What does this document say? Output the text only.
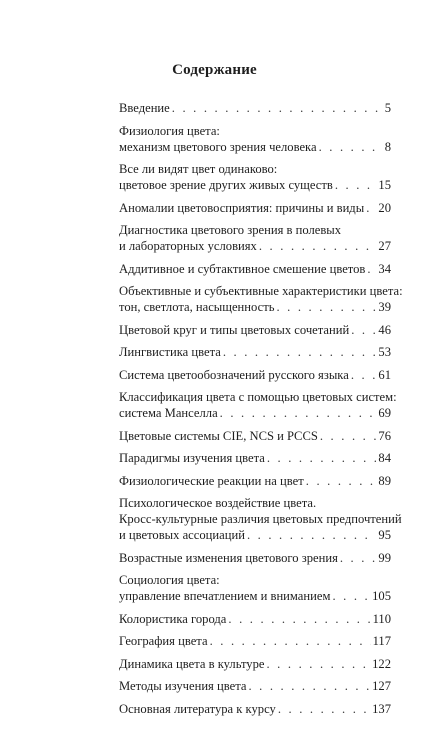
Содержание
Введение . . .	5
Физиология цвета:
механизм цветового зрения человека . . .	8
Все ли видят цвет одинаково:
цветовое зрение других живых существ . . .	15
Аномалии цветовосприятия: причины и виды . . . 20
Диагностика цветового зрения в полевых
и лабораторных условиях . . .	27
Аддитивное и субтактивное смешение цветов . . . 34
Объективные и субъективные характеристики цвета:
тон, светлота, насыщенность . . .	39
Цветовой круг и типы цветовых сочетаний . . . 46
Лингвистика цвета . . .	53
Система цветообозначений русского языка . . . 61
Классификация цвета с помощью цветовых систем:
система Манселла . . .	69
Цветовые системы CIE, NCS и PCCS . . .	76
Парадигмы изучения цвета . . .	84
Физиологические реакции на цвет . . .	89
Психологическое воздействие цвета.
Кросс-культурные различия цветовых предпочтений
и цветовых ассоциаций . . .	95
Возрастные изменения цветового зрения . . .	99
Социология цвета:
управление впечатлением и вниманием . . .	105
Колористика города . . .	110
География цвета . . .	117
Динамика цвета в культуре . . .	122
Методы изучения цвета . . .	127
Основная литература к курсу . . .	137
